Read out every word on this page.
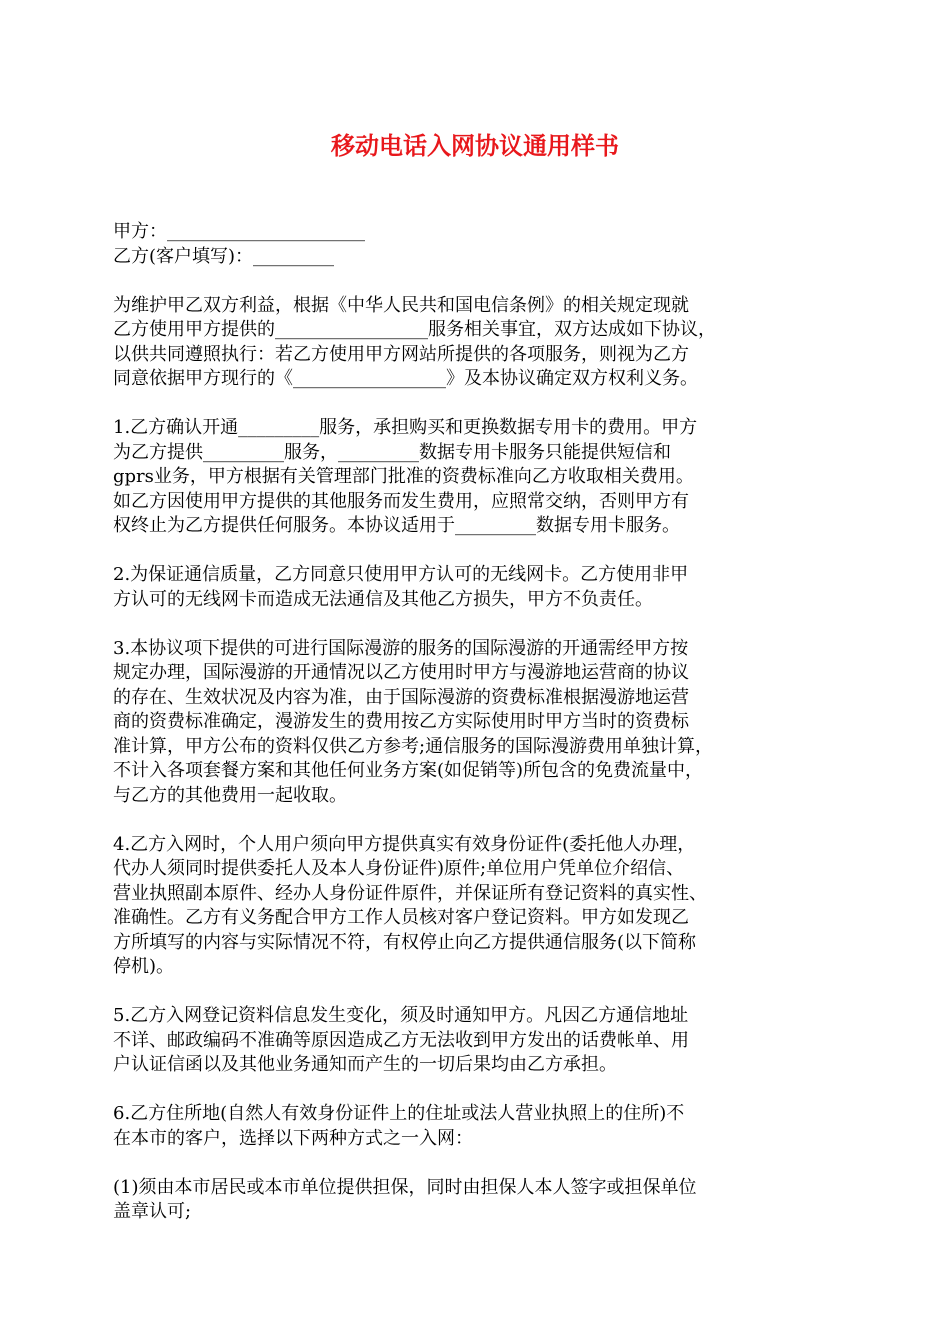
移动电话入网协议通用样书
甲方：______________________
乙方(客户填写)：_________
为维护甲乙双方利益，根据《中华人民共和国电信条例》的相关规定现就
乙方使用甲方提供的_________________服务相关事宜，双方达成如下协议，
以供共同遵照执行：若乙方使用甲方网站所提供的各项服务，则视为乙方
同意依据甲方现行的《_________________》及本协议确定双方权利义务。
1.乙方确认开通_________服务，承担购买和更换数据专用卡的费用。甲方
为乙方提供_________服务，_________数据专用卡服务只能提供短信和
gprs业务，甲方根据有关管理部门批准的资费标准向乙方收取相关费用。
如乙方因使用甲方提供的其他服务而发生费用，应照常交纳，否则甲方有
权终止为乙方提供任何服务。本协议适用于_________数据专用卡服务。
2.为保证通信质量，乙方同意只使用甲方认可的无线网卡。乙方使用非甲
方认可的无线网卡而造成无法通信及其他乙方损失，甲方不负责任。
3.本协议项下提供的可进行国际漫游的服务的国际漫游的开通需经甲方按
规定办理，国际漫游的开通情况以乙方使用时甲方与漫游地运营商的协议
的存在、生效状况及内容为准，由于国际漫游的资费标准根据漫游地运营
商的资费标准确定，漫游发生的费用按乙方实际使用时甲方当时的资费标
准计算，甲方公布的资料仅供乙方参考;通信服务的国际漫游费用单独计算，
不计入各项套餐方案和其他任何业务方案(如促销等)所包含的免费流量中，
与乙方的其他费用一起收取。
4.乙方入网时，个人用户须向甲方提供真实有效身份证件(委托他人办理，
代办人须同时提供委托人及本人身份证件)原件;单位用户凭单位介绍信、
营业执照副本原件、经办人身份证件原件，并保证所有登记资料的真实性、
准确性。乙方有义务配合甲方工作人员核对客户登记资料。甲方如发现乙
方所填写的内容与实际情况不符，有权停止向乙方提供通信服务(以下简称
停机)。
5.乙方入网登记资料信息发生变化，须及时通知甲方。凡因乙方通信地址
不详、邮政编码不准确等原因造成乙方无法收到甲方发出的话费帐单、用
户认证信函以及其他业务通知而产生的一切后果均由乙方承担。
6.乙方住所地(自然人有效身份证件上的住址或法人营业执照上的住所)不
在本市的客户，选择以下两种方式之一入网：
(1)须由本市居民或本市单位提供担保，同时由担保人本人签字或担保单位
盖章认可;
